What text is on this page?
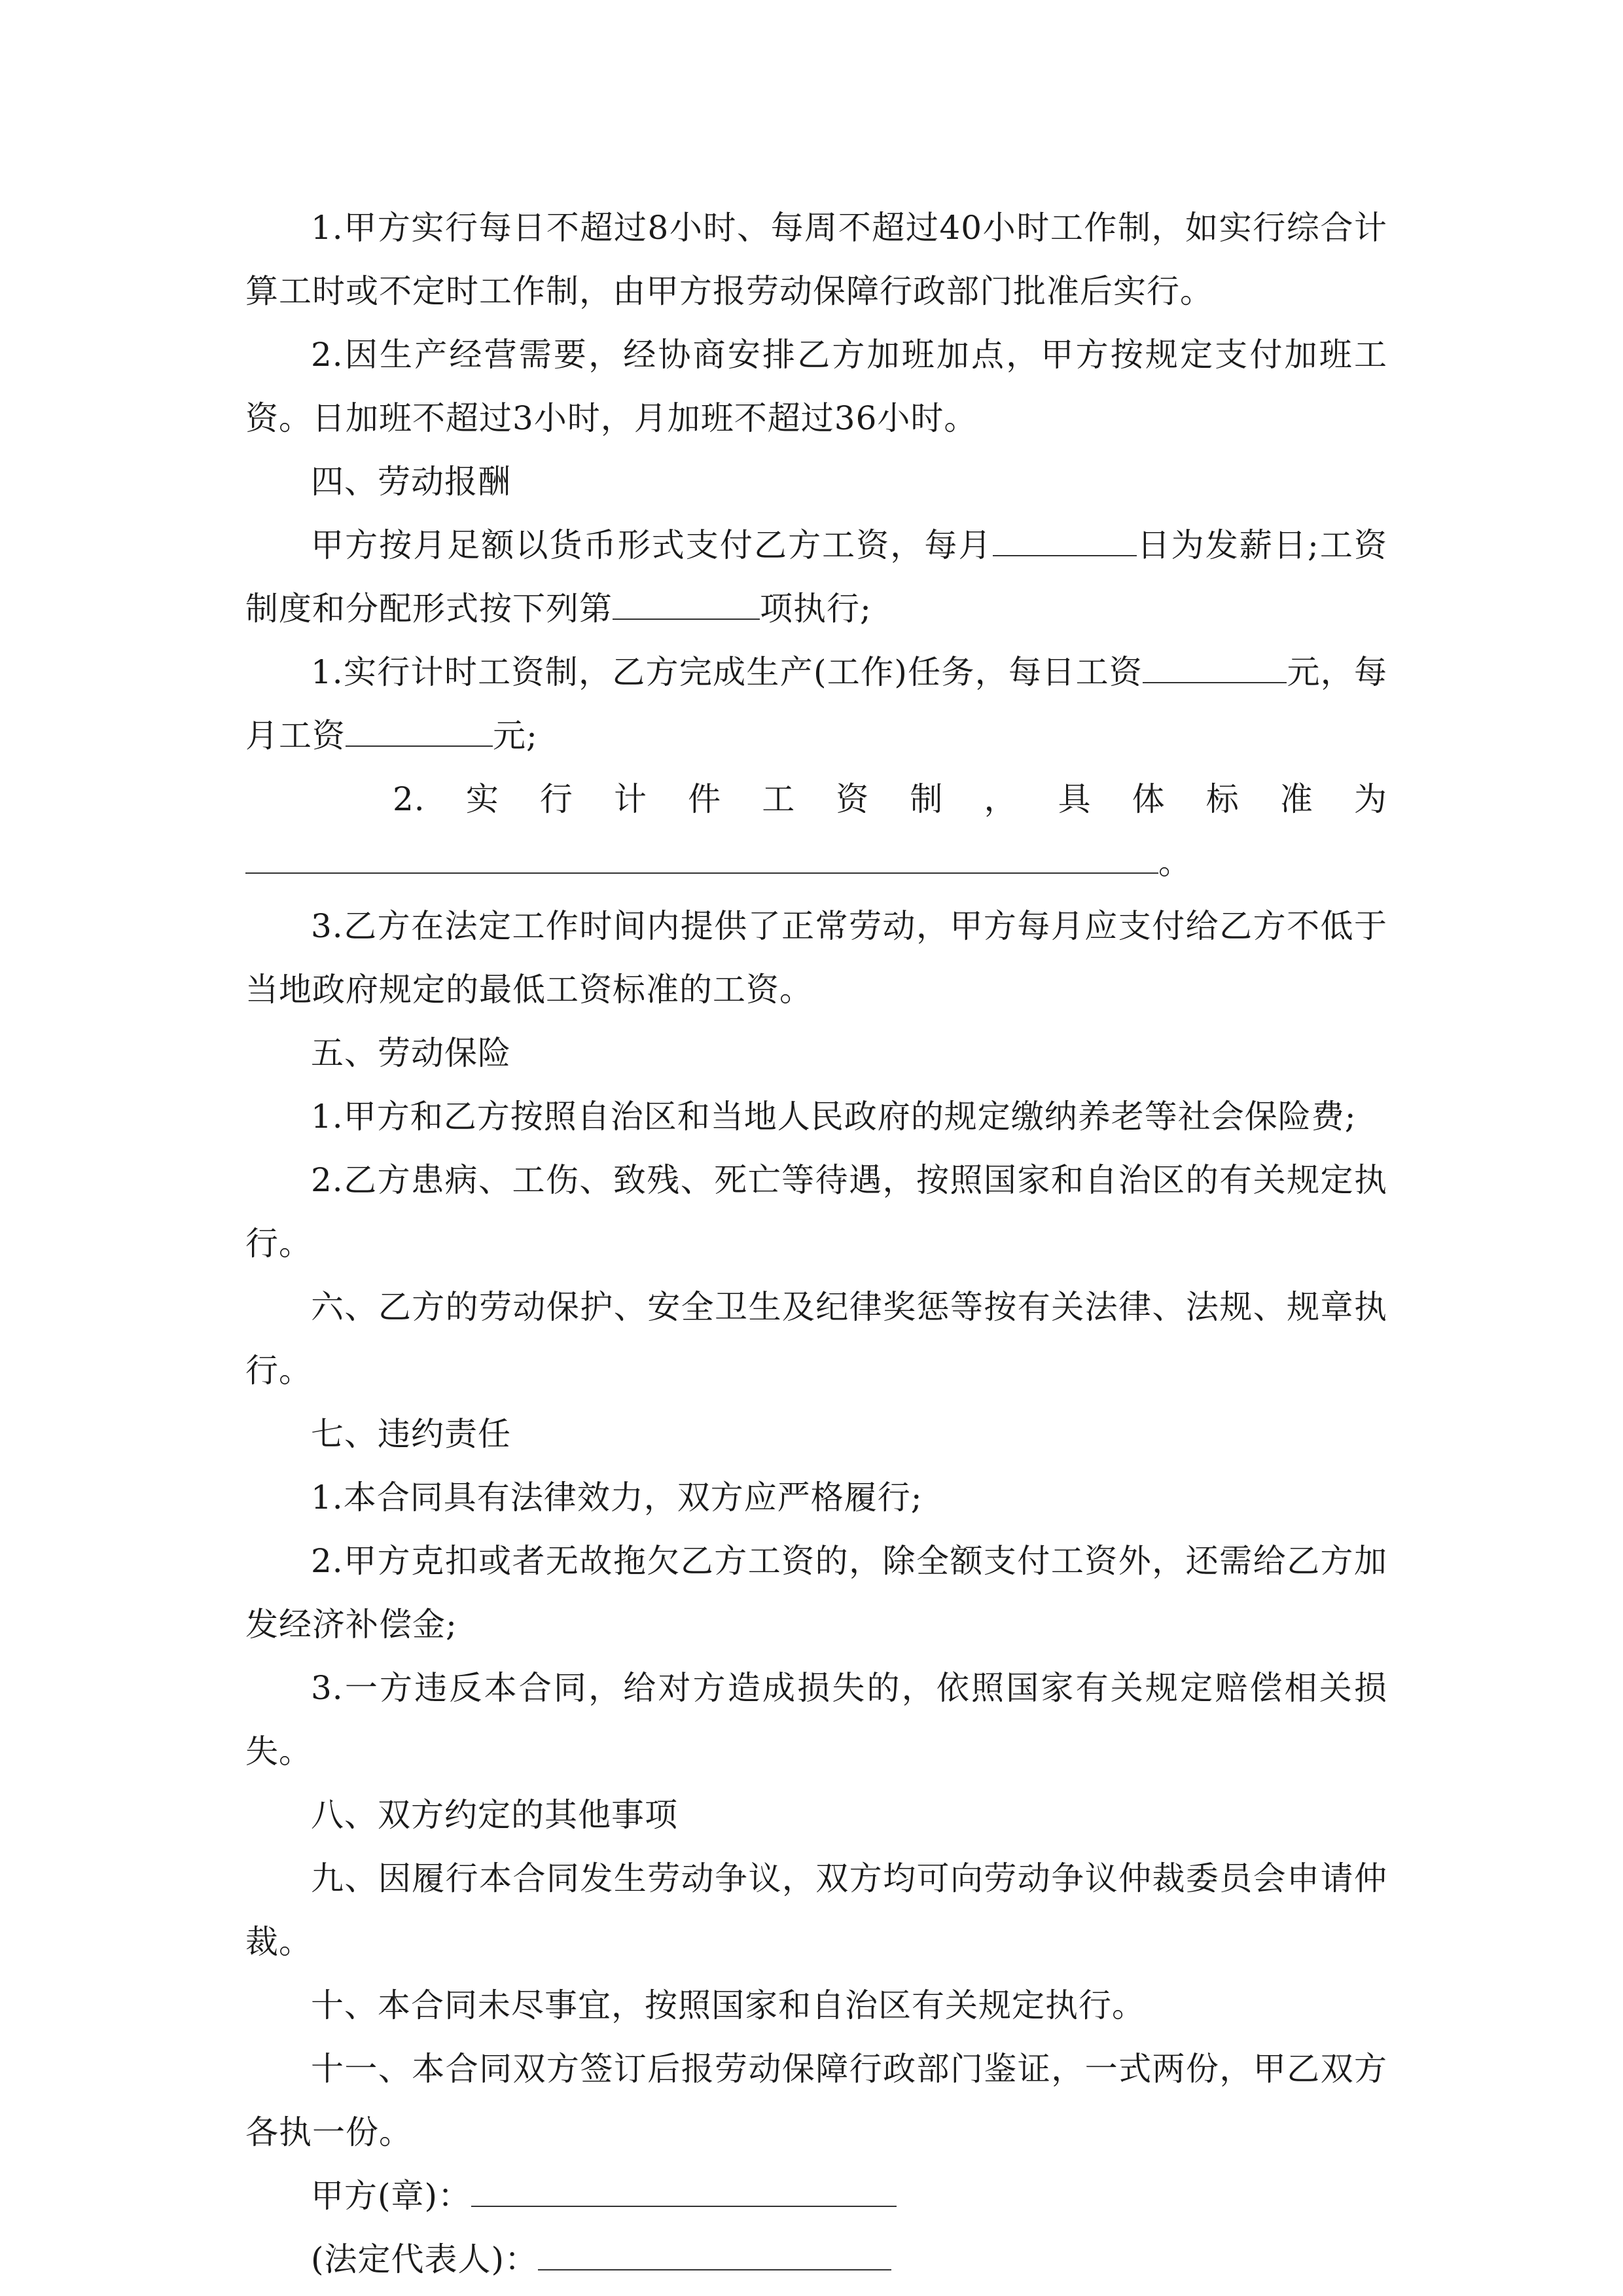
1.甲方实行每日不超过8小时、每周不超过40小时工作制，如实行综合计算工时或不定时工作制，由甲方报劳动保障行政部门批准后实行。

2.因生产经营需要，经协商安排乙方加班加点，甲方按规定支付加班工资。日加班不超过3小时，月加班不超过36小时。

四、劳动报酬

甲方按月足额以货币形式支付乙方工资，每月	日为发薪日;工资制度和分配形式按下列第	项执行;

1.实行计时工资制，乙方完成生产(工作)任务，每日工资	元，每月工资	元;

2. 实 行 计 件 工 资 制 ， 具 体 标 准 为

。

3.乙方在法定工作时间内提供了正常劳动，甲方每月应支付给乙方不低于当地政府规定的最低工资标准的工资。

五、劳动保险

1.甲方和乙方按照自治区和当地人民政府的规定缴纳养老等社会保险费;

2.乙方患病、工伤、致残、死亡等待遇，按照国家和自治区的有关规定执行。

六、乙方的劳动保护、安全卫生及纪律奖惩等按有关法律、法规、规章执行。

七、违约责任

1.本合同具有法律效力，双方应严格履行;

2.甲方克扣或者无故拖欠乙方工资的，除全额支付工资外，还需给乙方加发经济补偿金;

3.一方违反本合同，给对方造成损失的，依照国家有关规定赔偿相关损失。

八、双方约定的其他事项

九、因履行本合同发生劳动争议，双方均可向劳动争议仲裁委员会申请仲裁。

十、本合同未尽事宜，按照国家和自治区有关规定执行。

十一、本合同双方签订后报劳动保障行政部门鉴证，一式两份，甲乙双方各执一份。

甲方(章)：

(法定代表人)：
